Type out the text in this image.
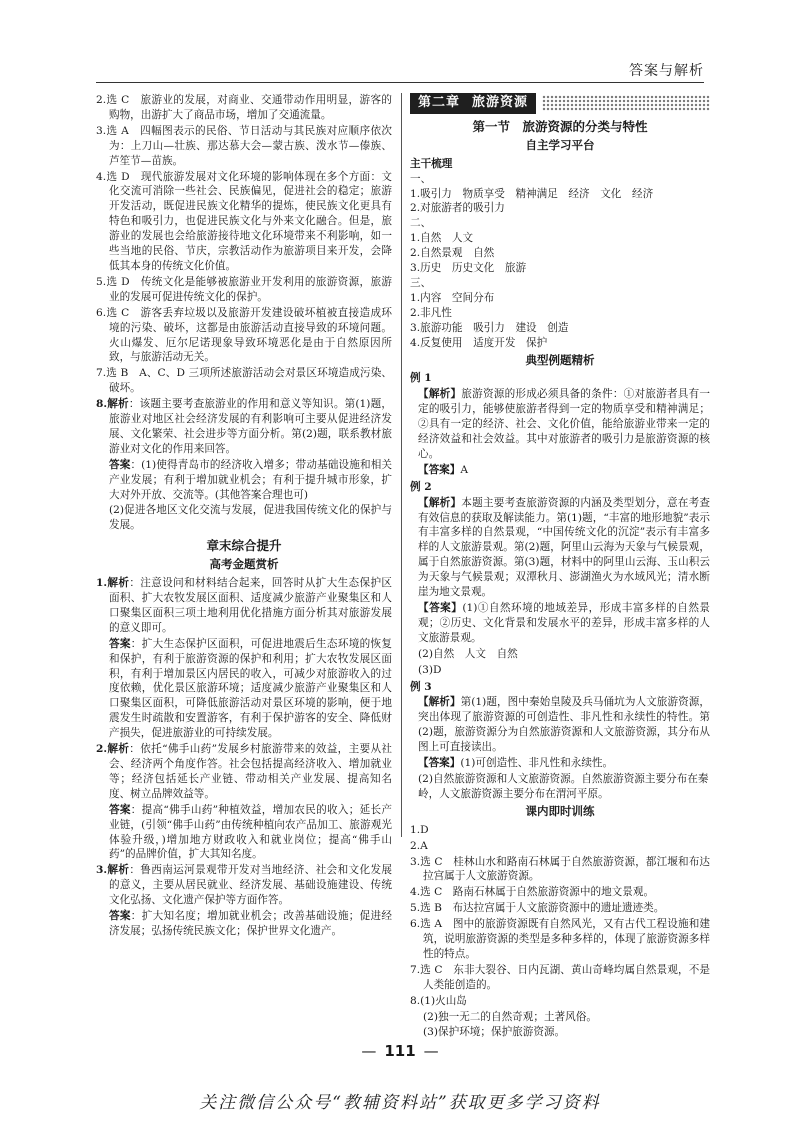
答案与解析

2.选 C　旅游业的发展，对商业、交通带动作用明显，游客的购物，出游扩大了商品市场，增加了交通流量。

3.选 A　四幅图表示的民俗、节日活动与其民族对应顺序依次为：上刀山—壮族、那达慕大会—蒙古族、泼水节—傣族、芦笙节—苗族。

4.选 D　现代旅游发展对文化环境的影响体现在多个方面：文化交流可消除一些社会、民族偏见，促进社会的稳定；旅游开发活动，既促进民族文化精华的提炼，使民族文化更具有特色和吸引力，也促进民族文化与外来文化融合。但是，旅游业的发展也会给旅游接待地文化环境带来不利影响，如一些当地的民俗、节庆，宗教活动作为旅游项目来开发，会降低其本身的传统文化价值。

5.选 D　传统文化是能够被旅游业开发利用的旅游资源，旅游业的发展可促进传统文化的保护。

6.选 C　游客丢弃垃圾以及旅游开发建设破坏植被直接造成环境的污染、破坏，这都是由旅游活动直接导致的环境问题。火山爆发、厄尔尼诺现象导致环境恶化是由于自然原因所致，与旅游活动无关。

7.选 B　A、C、D 三项所述旅游活动会对景区环境造成污染、破坏。

8.解析：该题主要考查旅游业的作用和意义等知识。第(1)题，旅游业对地区社会经济发展的有利影响可主要从促进经济发展、文化繁荣、社会进步等方面分析。第(2)题，联系教材旅游业对文化的作用来回答。

答案：(1)使得青岛市的经济收入增多；带动基础设施和相关产业发展；有利于增加就业机会；有利于提升城市形象，扩大对外开放、交流等。(其他答案合理也可)

(2)促进各地区文化交流与发展，促进我国传统文化的保护与发展。

章末综合提升
高考金题赏析

1.解析：注意设问和材料结合起来，回答时从扩大生态保护区面积、扩大农牧发展区面积、适度减少旅游产业聚集区和人口聚集区面积三项土地利用优化措施方面分析其对旅游发展的意义即可。

答案：扩大生态保护区面积，可促进地震后生态环境的恢复和保护，有利于旅游资源的保护和利用；扩大农牧发展区面积，有利于增加景区内居民的收入，可减少对旅游收入的过度依赖，优化景区旅游环境；适度减少旅游产业聚集区和人口聚集区面积，可降低旅游活动对景区环境的影响，便于地震发生时疏散和安置游客，有利于保护游客的安全、降低财产损失，促进旅游业的可持续发展。

2.解析：依托“佛手山药”发展乡村旅游带来的效益，主要从社会、经济两个角度作答。社会包括提高经济收入、增加就业等；经济包括延长产业链、带动相关产业发展、提高知名度、树立品牌效益等。

答案：提高“佛手山药”种植效益，增加农民的收入；延长产业链，(引领“佛手山药”由传统种植向农产品加工、旅游观光体验升级，)增加地方财政收入和就业岗位；提高“佛手山药”的品牌价值，扩大其知名度。

3.解析：鲁西南运河景观带开发对当地经济、社会和文化发展的意义，主要从居民就业、经济发展、基础设施建设、传统文化弘扬、文化遗产保护等方面作答。

答案：扩大知名度；增加就业机会；改善基础设施；促进经济发展；弘扬传统民族文化；保护世界文化遗产。

第二章 旅游资源
第一节　旅游资源的分类与特性
自主学习平台

主干梳理

一、

1.吸引力　物质享受　精神满足　经济　文化　经济

2.对旅游者的吸引力

二、

1.自然　人文

2.自然景观　自然

3.历史　历史文化　旅游

三、

1.内容　空间分布

2.非凡性

3.旅游功能　吸引力　建设　创造

4.反复使用　适度开发　保护

典型例题精析

例 1

【解析】旅游资源的形成必须具备的条件：①对旅游者具有一定的吸引力，能够使旅游者得到一定的物质享受和精神满足；②具有一定的经济、社会、文化价值，能给旅游业带来一定的经济效益和社会效益。其中对旅游者的吸引力是旅游资源的核心。

【答案】A

例 2

【解析】本题主要考查旅游资源的内涵及类型划分，意在考查有效信息的获取及解读能力。第(1)题，“丰富的地形地貌”表示有丰富多样的自然景观，“中国传统文化的沉淀”表示有丰富多样的人文旅游景观。第(2)题，阿里山云海为天象与气候景观，属于自然旅游资源。第(3)题，材料中的阿里山云海、玉山积云为天象与气候景观；双潭秋月、澎湖渔火为水域风光；清水断崖为地文景观。

【答案】(1)①自然环境的地域差异，形成丰富多样的自然景观；②历史、文化背景和发展水平的差异，形成丰富多样的人文旅游景观。

(2)自然　人文　自然

(3)D

例 3

【解析】第(1)题，图中秦始皇陵及兵马俑坑为人文旅游资源，突出体现了旅游资源的可创造性、非凡性和永续性的特性。第(2)题，旅游资源分为自然旅游资源和人文旅游资源，其分布从图上可直接读出。

【答案】(1)可创造性、非凡性和永续性。

(2)自然旅游资源和人文旅游资源。自然旅游资源主要分布在秦岭，人文旅游资源主要分布在渭河平原。

课内即时训练

1.D

2.A

3.选 C　桂林山水和路南石林属于自然旅游资源，都江堰和布达拉宫属于人文旅游资源。

4.选 C　路南石林属于自然旅游资源中的地文景观。

5.选 B　布达拉宫属于人文旅游资源中的遗址遗迹类。

6.选 A　图中的旅游资源既有自然风光，又有古代工程设施和建筑，说明旅游资源的类型是多种多样的，体现了旅游资源多样性的特点。

7.选 C　东非大裂谷、日内瓦湖、黄山奇峰均属自然景观，不是人类能创造的。

8.(1)火山岛

(2)独一无二的自然奇观；土著风俗。

(3)保护环境；保护旅游资源。

— 111 —
关注微信公众号“教辅资料站”获取更多学习资料
